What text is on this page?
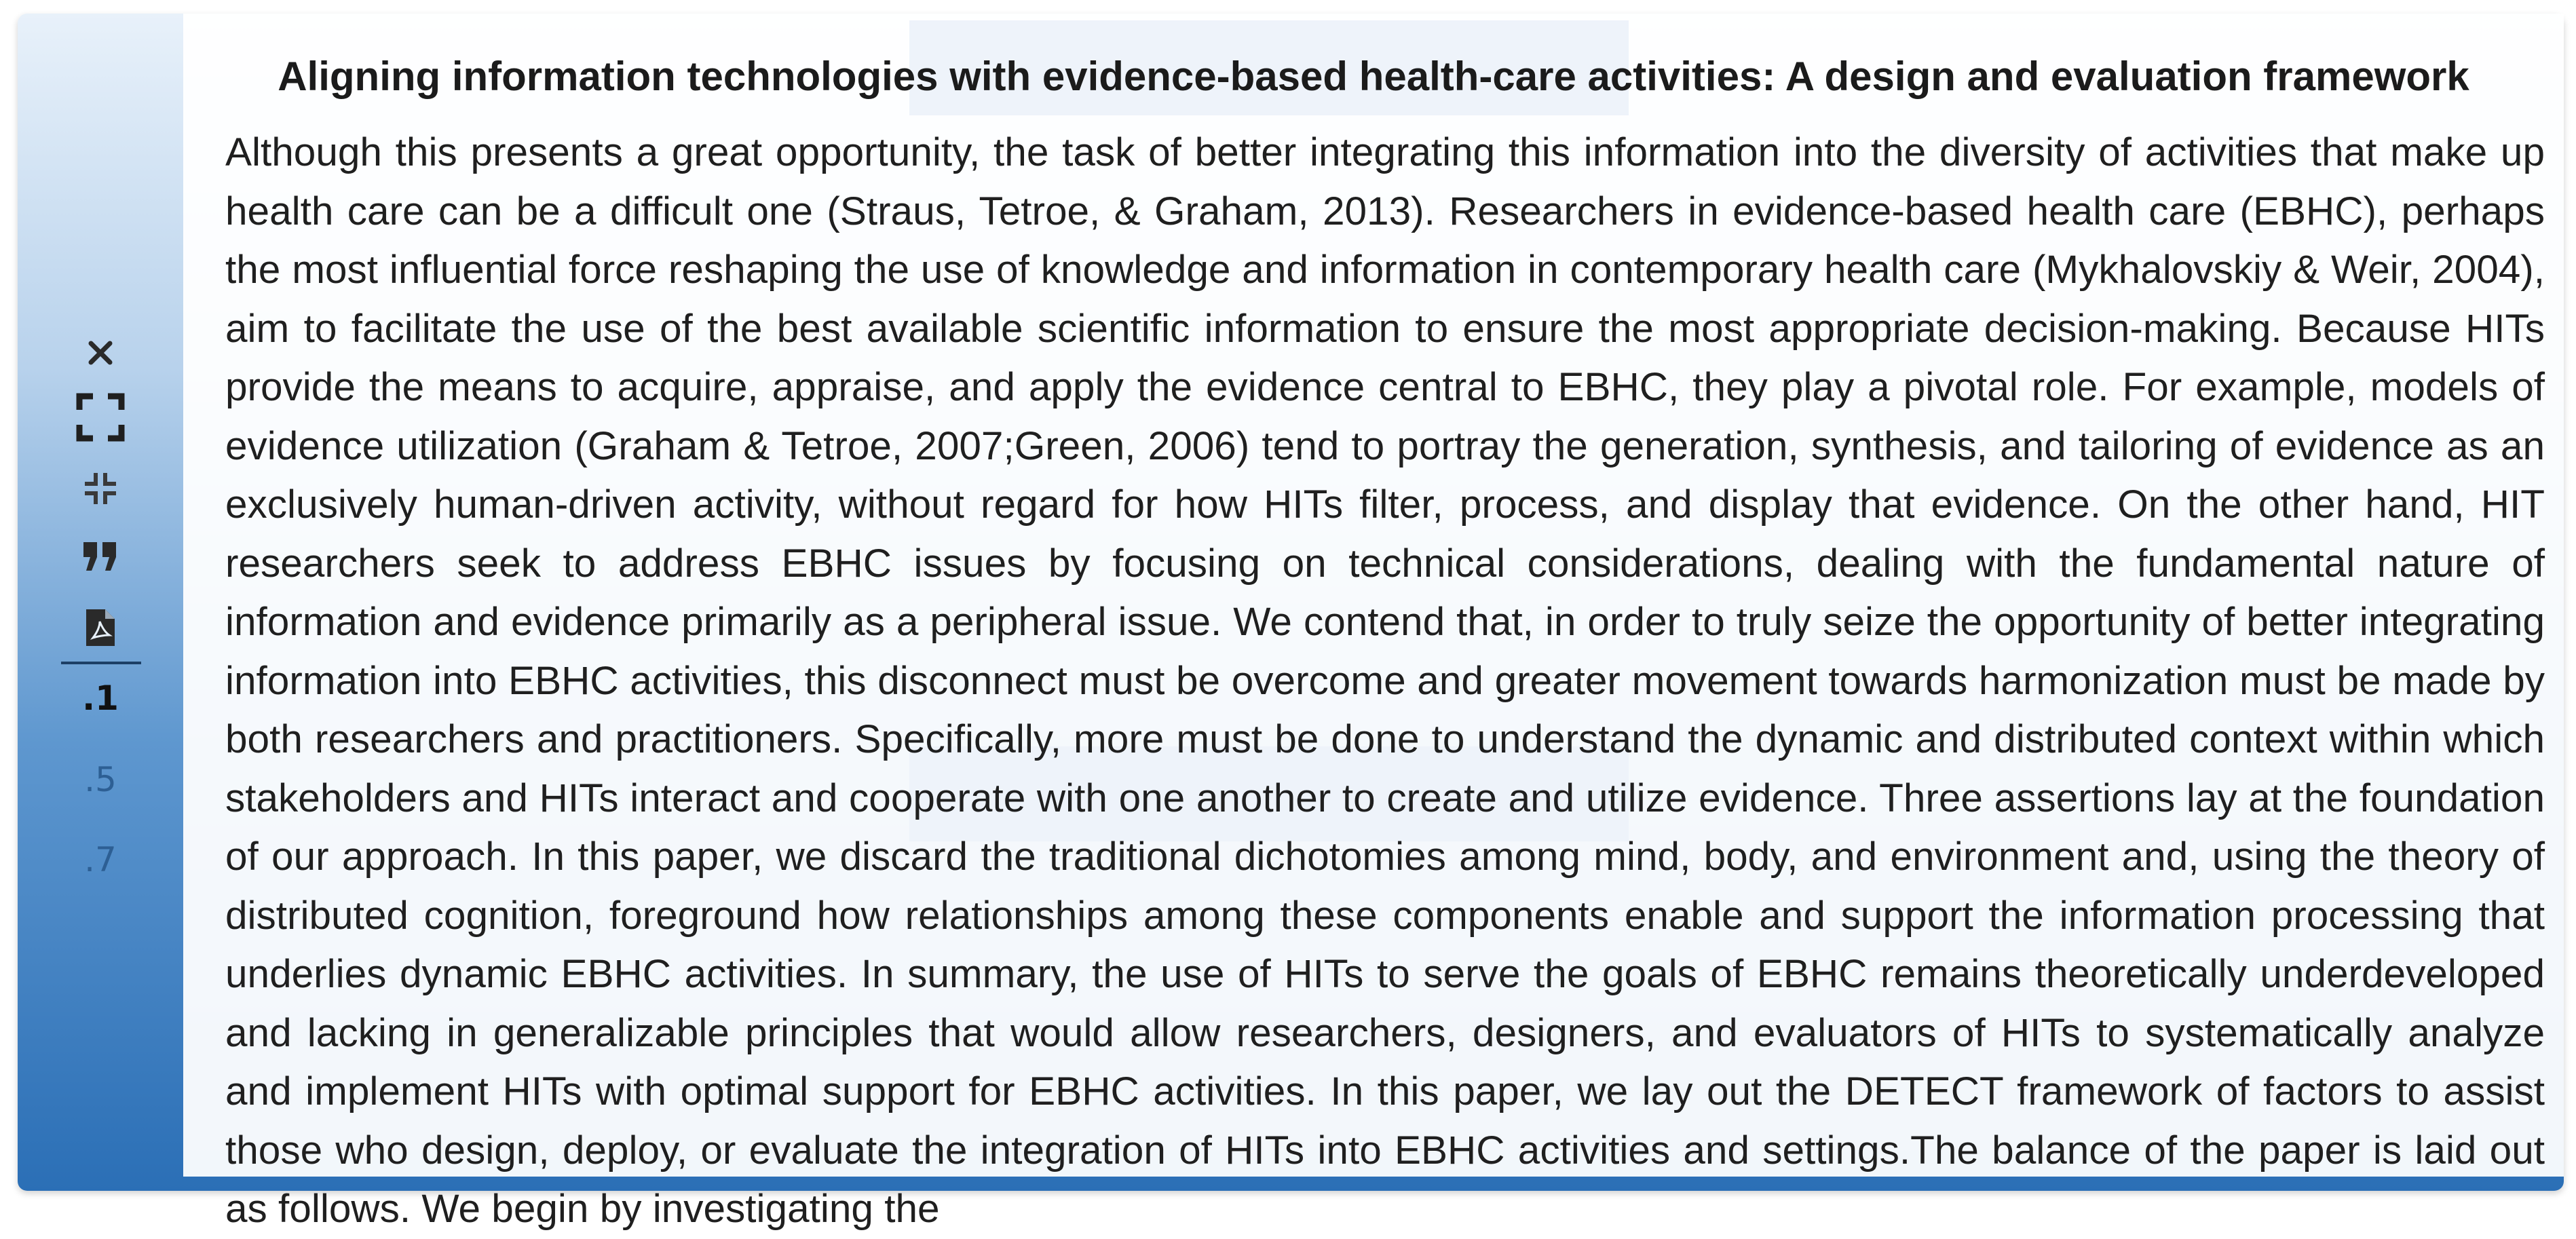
.1
.5
.7
Aligning information technologies with evidence-based health-care activities: A design and evaluation framework
Although this presents a great opportunity, the task of better integrating this information into the diversity of activities that make up health care can be a difficult one (Straus, Tetroe, & Graham, 2013). Researchers in evidence-based health care (EBHC), perhaps the most influential force reshaping the use of knowledge and information in contemporary health care (Mykhalovskiy & Weir, 2004), aim to facilitate the use of the best available scientific information to ensure the most appropriate decision-making. Because HITs provide the means to acquire, appraise, and apply the evidence central to EBHC, they play a pivotal role. For example, models of evidence utilization (Graham & Tetroe, 2007;Green, 2006) tend to portray the generation, synthesis, and tailoring of evidence as an exclusively human-driven activity, without regard for how HITs filter, process, and display that evidence. On the other hand, HIT researchers seek to address EBHC issues by focusing on technical considerations, dealing with the fundamental nature of information and evidence primarily as a peripheral issue. We contend that, in order to truly seize the opportunity of better integrating information into EBHC activities, this disconnect must be overcome and greater movement towards harmonization must be made by both researchers and practitioners. Specifically, more must be done to understand the dynamic and distributed context within which stakeholders and HITs interact and cooperate with one another to create and utilize evidence. Three assertions lay at the foundation of our approach. In this paper, we discard the traditional dichotomies among mind, body, and environment and, using the theory of distributed cognition, foreground how relationships among these components enable and support the information processing that underlies dynamic EBHC activities. In summary, the use of HITs to serve the goals of EBHC remains theoretically underdeveloped and lacking in generalizable principles that would allow researchers, designers, and evaluators of HITs to systematically analyze and implement HITs with optimal support for EBHC activities. In this paper, we lay out the DETECT framework of factors to assist those who design, deploy, or evaluate the integration of HITs into EBHC activities and settings.The balance of the paper is laid out as follows. We begin by investigating the
